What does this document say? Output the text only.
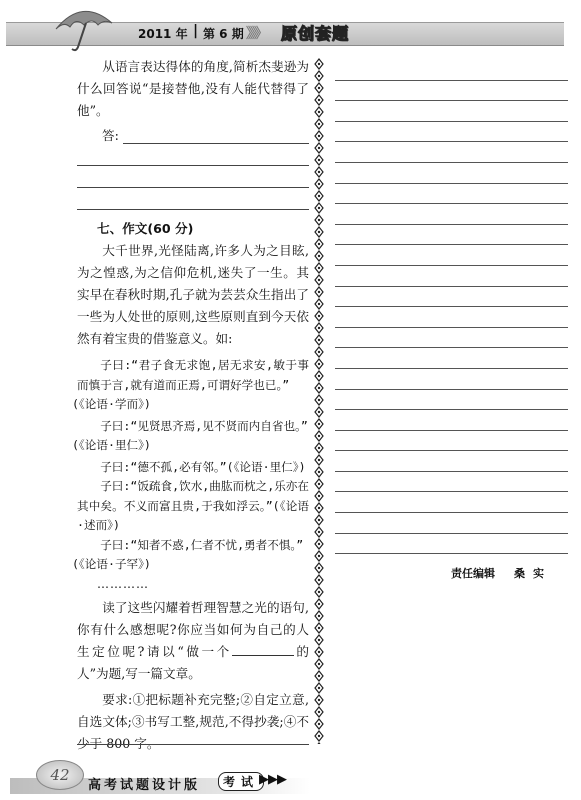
2011 年 | 第 6 期 》》》 原创套题

从语言表达得体的角度,简析杰斐逊为什么回答说“是接替他,没有人能代替得了他”。

答:
七、作文(60 分)

大千世界,光怪陆离,许多人为之目眩,为之惶惑,为之信仰危机,迷失了一生。其实早在春秋时期,孔子就为芸芸众生指出了一些为人处世的原则,这些原则直到今天依然有着宝贵的借鉴意义。如:

子曰:“君子食无求饱,居无求安,敏于事而慎于言,就有道而正焉,可谓好学也已。”

(《论语·学而》)

子曰:“见贤思齐焉,见不贤而内自省也。”

(《论语·里仁》)

子曰:“德不孤,必有邻。”(《论语·里仁》)

子曰:“饭疏食,饮水,曲肱而枕之,乐亦在其中矣。不义而富且贵,于我如浮云。”(《论语·述而》)

子曰:“知者不惑,仁者不忧,勇者不惧。”

(《论语·子罕》)

…………

读了这些闪耀着哲理智慧之光的语句,你有什么感想呢?你应当如何为自己的人生定位呢?请以“做一个	的人”为题,写一篇文章。

要求:①把标题补充完整;②自定立意,自选文体;③书写工整,规范,不得抄袭;④不少于 800 字。

责任编辑 桑实
42
高考试题设计版	考试 ▶▶▶
